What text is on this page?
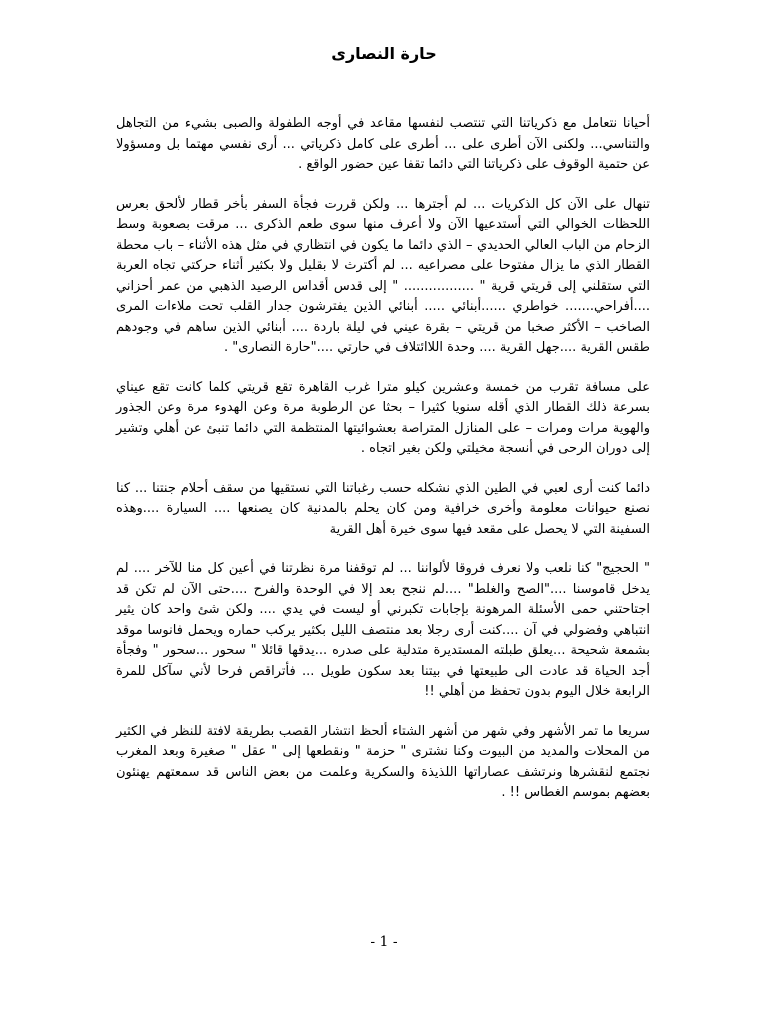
حارة النصارى

أحيانا نتعامل مع ذكرياتنا التي تنتصب لنفسها مقاعد في أوجه الطفولة والصبى بشيء من التجاهل والتناسي... ولكنى الآن أطرى على ... أطرى على كامل ذكرياتي ... أرى نفسي مهتما بل ومسؤولا عن حتمية الوقوف على ذكرياتنا التي دائما تقفا عين حضور الواقع .

تنهال على الآن كل الذكريات ... لم أجترها ... ولكن قررت فجأة السفر بأخر قطار لألحق بعرس اللحظات الخوالي التي أستدعيها الآن ولا أعرف منها سوى طعم الذكرى ... مرقت بصعوبة وسط الزحام من الباب العالي الحديدي – الذي دائما ما يكون في انتظاري في مثل هذه الأثناء – باب محطة القطار الذي ما يزال مفتوحا على مصراعيه ... لم أكترث لا بقليل ولا بكثير أثناء حركتي تجاه العربة التي ستقلني إلى قريتي قرية " ................. " إلى قدس أقداس الرصيد الذهبي من عمر أحزاني ....أفراحي....... خواطري ......أبنائي ..... أبنائي الذين يفترشون جدار القلب تحت ملاءات المرى الصاخب – الأكثر صخبا من قريتي – بقرة عيني في ليلة باردة .... أبنائي الذين ساهم في وجودهم طقس القرية ....جهل القرية .... وحدة اللاائتلاف في حارتي ...."حارة النصارى" .

على مسافة تقرب من خمسة وعشرين كيلو مترا غرب القاهرة تقع قريتي كلما كانت تقع عيناي بسرعة ذلك القطار الذي أقله سنويا كثيرا – بحثا عن الرطوبة مرة وعن الهدوء مرة وعن الجذور والهوية مرات ومرات – على المنازل المتراصة بعشوائيتها المنتظمة التي دائما تنبئ عن أهلي وتشير إلى دوران الرحى في أنسجة مخيلتي ولكن بغير اتجاه .

دائما كنت أرى لعبي في الطين الذي نشكله حسب رغباتنا التي نستقيها من سقف أحلام جنتنا ... كنا نصنع حيوانات معلومة وأخرى خرافية ومن كان يحلم بالمدنية كان يصنعها .... السيارة ....وهذه السفينة التي لا يحصل على مقعد فيها سوى خيرة أهل القرية

" الحجيج" كنا نلعب ولا نعرف فروقا لألواننا ... لم توقفنا مرة نظرتنا في أعين كل منا للآخر .... لم يدخل قاموسنا ...."الصح والغلط" ....لم ننجح بعد إلا في الوحدة والفرح ....حتى الآن لم تكن قد اجتاحتني حمى الأسئلة المرهونة بإجابات تكبرني أو ليست في يدي .... ولكن شئ واحد كان يثير انتباهي وفضولي في آن ....كنت أرى رجلا بعد منتصف الليل بكثير يركب حماره ويحمل فانوسا موقد بشمعة شحيحة ...يعلق طبلته المستديرة متدلية على صدره ...يدقها قائلا " سحور ...سحور " وفجأة أجد الحياة قد عادت الى طبيعتها في بيتنا بعد سكون طويل ... فأتراقص فرحا لأني سآكل للمرة الرابعة خلال اليوم بدون تحفظ من أهلي !!

سريعا ما تمر الأشهر وفي شهر من أشهر الشتاء ألحظ انتشار القصب بطريقة لافتة للنظر في الكثير من المحلات والمديد من البيوت وكنا نشترى " حزمة " ونقطعها إلى " عقل " صغيرة وبعد المغرب نجتمع لنقشرها ونرتشف عصاراتها اللذيذة والسكرية وعلمت من بعض الناس قد سمعتهم يهنئون بعضهم بموسم الغطاس !! .

- 1 -
